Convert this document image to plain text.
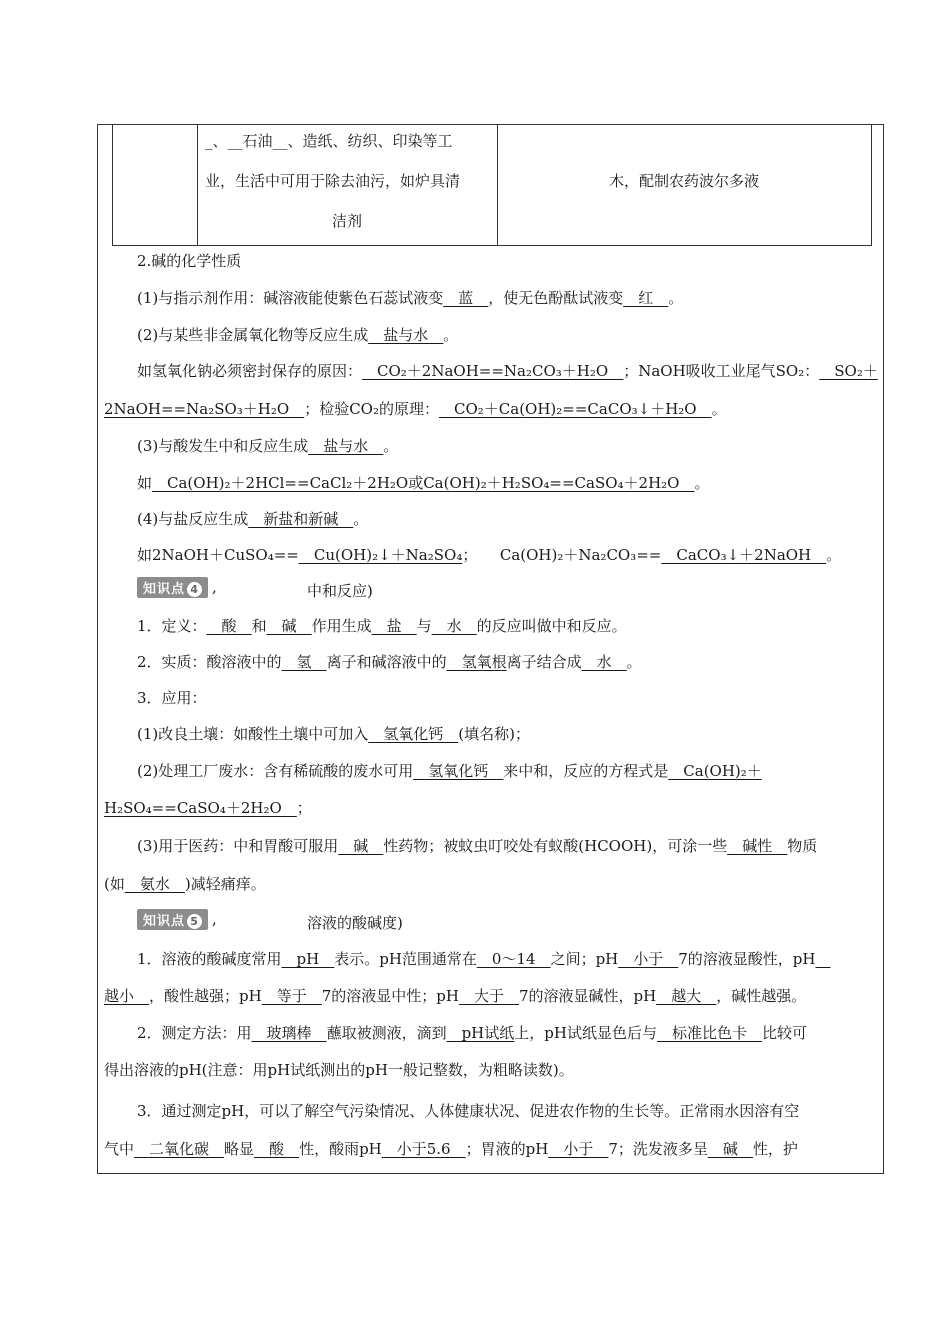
_、__石油__、造纸、纺织、印染等工
业，生活中可用于除去油污，如炉具清
洁剂
木，配制农药波尔多液
2.碱的化学性质
(1)与指示剂作用：碱溶液能使紫色石蕊试液变__蓝__，使无色酚酞试液变__红__。
(2)与某些非金属氧化物等反应生成__盐与水__。
如氢氧化钠必须密封保存的原因：__CO₂＋2NaOH==Na₂CO₃＋H₂O__；NaOH吸收工业尾气SO₂：__SO₂＋
2NaOH==Na₂SO₃＋H₂O__；检验CO₂的原理：__CO₂＋Ca(OH)₂==CaCO₃↓＋H₂O__。
(3)与酸发生中和反应生成__盐与水__。
如__Ca(OH)₂＋2HCl==CaCl₂＋2H₂O或Ca(OH)₂＋H₂SO₄==CaSO₄＋2H₂O__。
(4)与盐反应生成__新盐和新碱__。
如2NaOH＋CuSO₄==__Cu(OH)₂↓＋Na₂SO₄；　　Ca(OH)₂＋Na₂CO₃==__CaCO₃↓＋2NaOH__。
知识点 4 ,	中和反应)
1．定义：__酸__和__碱__作用生成__盐__与__水__的反应叫做中和反应。
2．实质：酸溶液中的__氢__离子和碱溶液中的__氢氧根离子结合成__水__。
3．应用：
(1)改良土壤：如酸性土壤中可加入__氢氧化钙__(填名称)；
(2)处理工厂废水：含有稀硫酸的废水可用__氢氧化钙__来中和，反应的方程式是__Ca(OH)₂＋
H₂SO₄==CaSO₄＋2H₂O__；
(3)用于医药：中和胃酸可服用__碱__性药物；被蚊虫叮咬处有蚁酸(HCOOH)，可涂一些__碱性__物质
(如__氨水__)减轻痛痒。
知识点 5 ,	溶液的酸碱度)
1．溶液的酸碱度常用__pH__表示。pH范围通常在__0～14__之间；pH__小于__7的溶液显酸性，pH__
越小__，酸性越强；pH__等于__7的溶液显中性；pH__大于__7的溶液显碱性，pH__越大__，碱性越强。
2．测定方法：用__玻璃棒__蘸取被测液，滴到__pH试纸上，pH试纸显色后与__标准比色卡__比较可
得出溶液的pH(注意：用pH试纸测出的pH一般记整数，为粗略读数)。
3．通过测定pH，可以了解空气污染情况、人体健康状况、促进农作物的生长等。正常雨水因溶有空
气中__二氧化碳__略显__酸__性，酸雨pH__小于5.6__；胃液的pH__小于__7；洗发液多呈__碱__性，护
